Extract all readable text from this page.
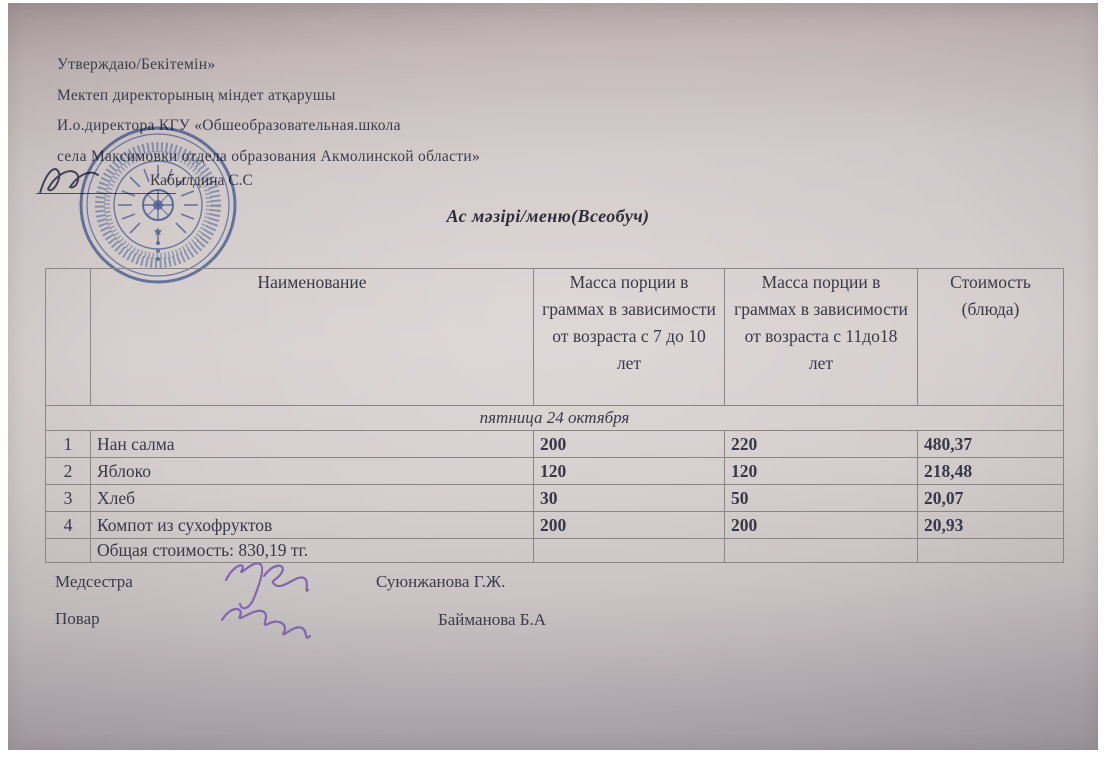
Утверждаю/Бекітемін»
Мектеп директорының міндет атқарушы
И.о.директора КГУ «Обшеобразовательная.школа
села Максимовки отдела образования Акмолинской области»
Кабылдина С.С
Ас мәзірі/меню(Всеобуч)
	Наименование	Масса порции в граммах в зависимости от возраста с 7 до 10 лет	Масса порции в граммах в зависимости от возраста с 11до18 лет	Стоимость (блюда)
пятница 24 октября				
1	Нан салма	200	220	480,37
2	Яблоко	120	120	218,48
3	Хлеб	30	50	20,07
4	Компот из сухофруктов	200	200	20,93
	Общая стоимость: 830,19 тг.			
Медсестра	Суюнжанова Г.Ж.
Повар	Байманова Б.А
